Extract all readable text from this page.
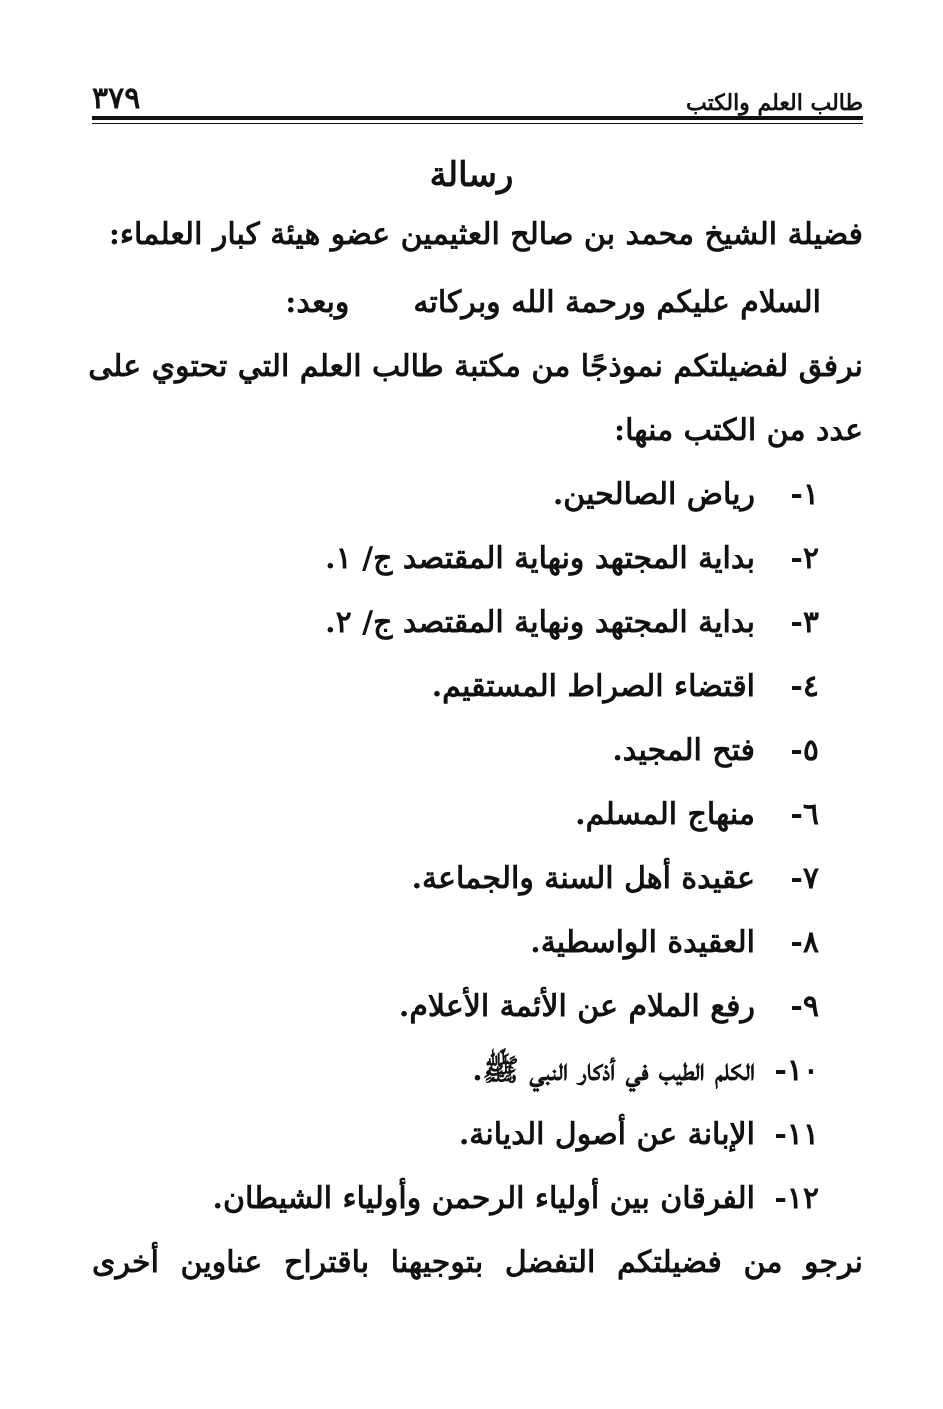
طالب العلم والكتب
٣٧٩
رسالة
فضيلة الشيخ محمد بن صالح العثيمين عضو هيئة كبار العلماء:
السلام عليكم ورحمة الله وبركاته
وبعد:
نرفق لفضيلتكم نموذجًا من مكتبة طالب العلم التي تحتوي على
عدد من الكتب منها:
١-
رياض الصالحين.
٢-
بداية المجتهد ونهاية المقتصد ج/ ١.
٣-
بداية المجتهد ونهاية المقتصد ج/ ٢.
٤-
اقتضاء الصراط المستقيم.
٥-
فتح المجيد.
٦-
منهاج المسلم.
٧-
عقيدة أهل السنة والجماعة.
٨-
العقيدة الواسطية.
٩-
رفع الملام عن الأئمة الأعلام.
١٠-
الكلم الطيب في أذكار النبي ﷺ.
١١-
الإبانة عن أصول الديانة.
١٢-
الفرقان بين أولياء الرحمن وأولياء الشيطان.
نرجو من فضيلتكم التفضل بتوجيهنا باقتراح عناوين أخرى
